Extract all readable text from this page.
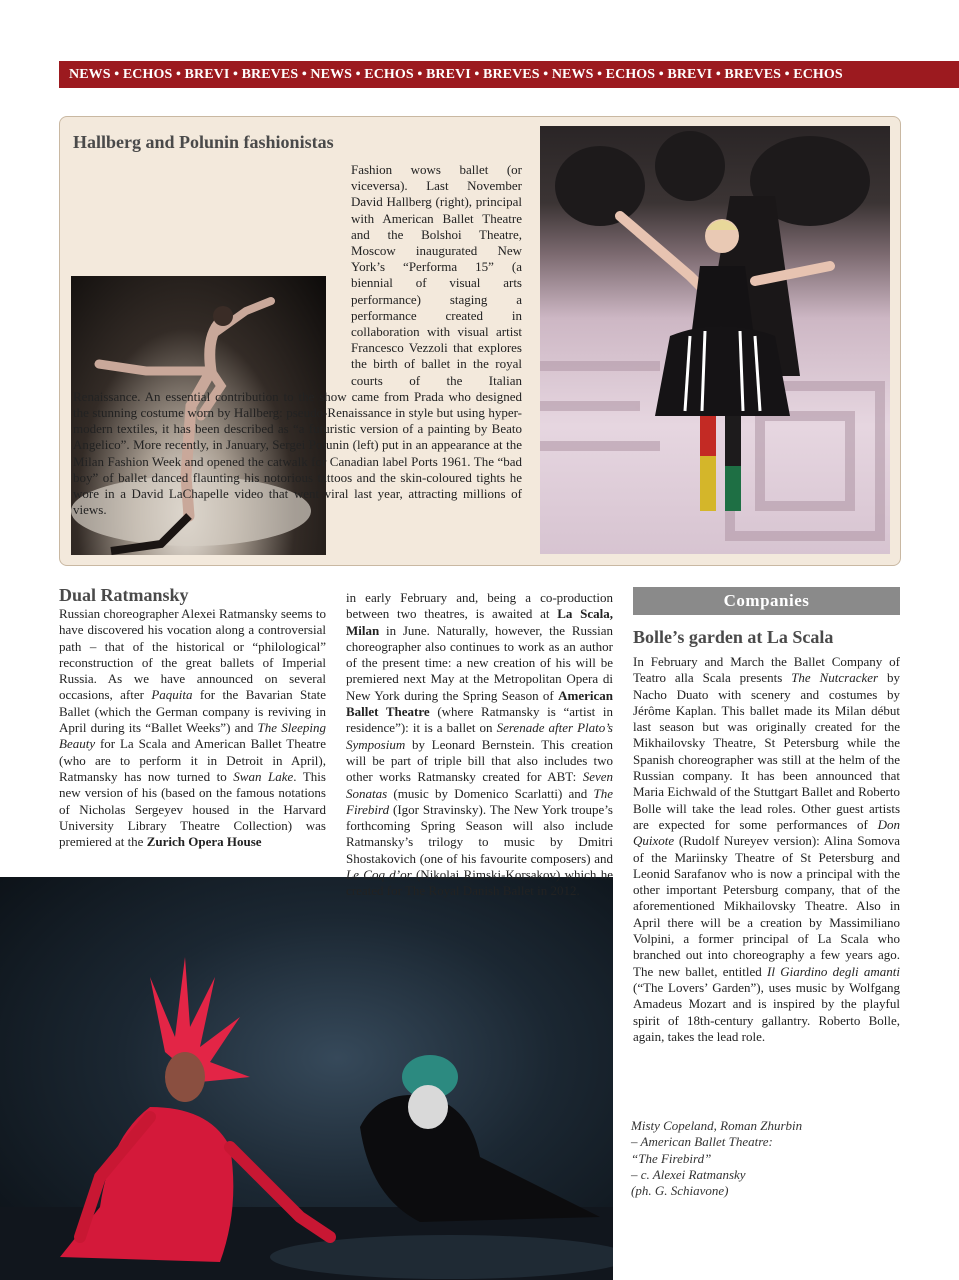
NEWS • ECHOS • BREVI • BREVES • NEWS • ECHOS • BREVI • BREVES • NEWS • ECHOS • BREVI • BREVES • ECHOS
Hallberg and Polunin fashionistas
Fashion wows ballet (or viceversa). Last November David Hallberg (right), principal with American Ballet Theatre and the Bolshoi Theatre, Moscow inaugurated New York’s “Performa 15” (a biennial of visual arts performance) staging a performance created in collaboration with visual artist Francesco Vezzoli that explores the birth of ballet in the royal courts of the Italian Renaissance. An essential contribution to the show came from Prada who designed the stunning costume worn by Hallberg: pseudo-Renaissance in style but using hyper-modern textiles, it has been described as “a futuristic version of a painting by Beato Angelico”. More recently, in January, Sergei Polunin (left) put in an appearance at the Milan Fashion Week and opened the catwalk for Canadian label Ports 1961. The “bad boy” of ballet danced flaunting his notorious tattoos and the skin-coloured tights he wore in a David LaChapelle video that went viral last year, attracting millions of views.
Dual Ratmansky

Russian choreographer Alexei Ratmansky seems to have discovered his vocation along a controversial path – that of the historical or “philological” reconstruction of the great ballets of Imperial Russia. As we have announced on several occasions, after Paquita for the Bavarian State Ballet (which the German company is reviving in April during its “Ballet Weeks”) and The Sleeping Beauty for La Scala and American Ballet Theatre (who are to perform it in Detroit in April), Ratmansky has now turned to Swan Lake. This new version of his (based on the famous notations of Nicholas Sergeyev housed in the Harvard University Library Theatre Collection) was premiered at the Zurich Opera House

Companies
Bolle’s garden at La Scala

In February and March the Ballet Company of Teatro alla Scala presents The Nutcracker by Nacho Duato with scenery and costumes by Jérôme Kaplan. This ballet made its Milan début last season but was originally created for the Mikhailovsky Theatre, St Petersburg while the Spanish choreographer was still at the helm of the Russian company. It has been announced that Maria Eichwald of the Stuttgart Ballet and Roberto Bolle will take the lead roles. Other guest artists are expected for some performances of Don Quixote (Rudolf Nureyev version): Alina Somova of the Mariinsky Theatre of St Petersburg and Leonid Sarafanov who is now a principal with the other important Petersburg company, that of the aforementioned Mikhailovsky Theatre. Also in April there will be a creation by Massimiliano Volpini, a former principal of La Scala who branched out into choreography a few years ago. The new ballet, entitled Il Giardino degli amanti (“The Lovers’ Garden”), uses music by Wolfgang Amadeus Mozart and is inspired by the playful spirit of 18th-century gallantry. Roberto Bolle, again, takes the lead role.

Misty Copeland, Roman Zhurbin
– American Ballet Theatre:
“The Firebird”
– c. Alexei Ratmansky
(ph. G. Schiavone)

in early February and, being a co-production between two theatres, is awaited at La Scala, Milan in June. Naturally, however, the Russian choreographer also continues to work as an author of the present time: a new creation of his will be premiered next May at the Metropolitan Opera di New York during the Spring Season of American Ballet Theatre (where Ratmansky is “artist in residence”): it is a ballet on Serenade after Plato’s Symposium by Leonard Bernstein. This creation will be part of triple bill that also includes two other works Ratmansky created for ABT: Seven Sonatas (music by Domenico Scarlatti) and The Firebird (Igor Stravinsky). The New York troupe’s forthcoming Spring Season will also include Ratmansky’s trilogy to music by Dmitri Shostakovich (one of his favourite composers) and Le Coq d’or (Nikolai Rimski-Korsakov) which he created for The Royal Danish Ballet in 2012.
